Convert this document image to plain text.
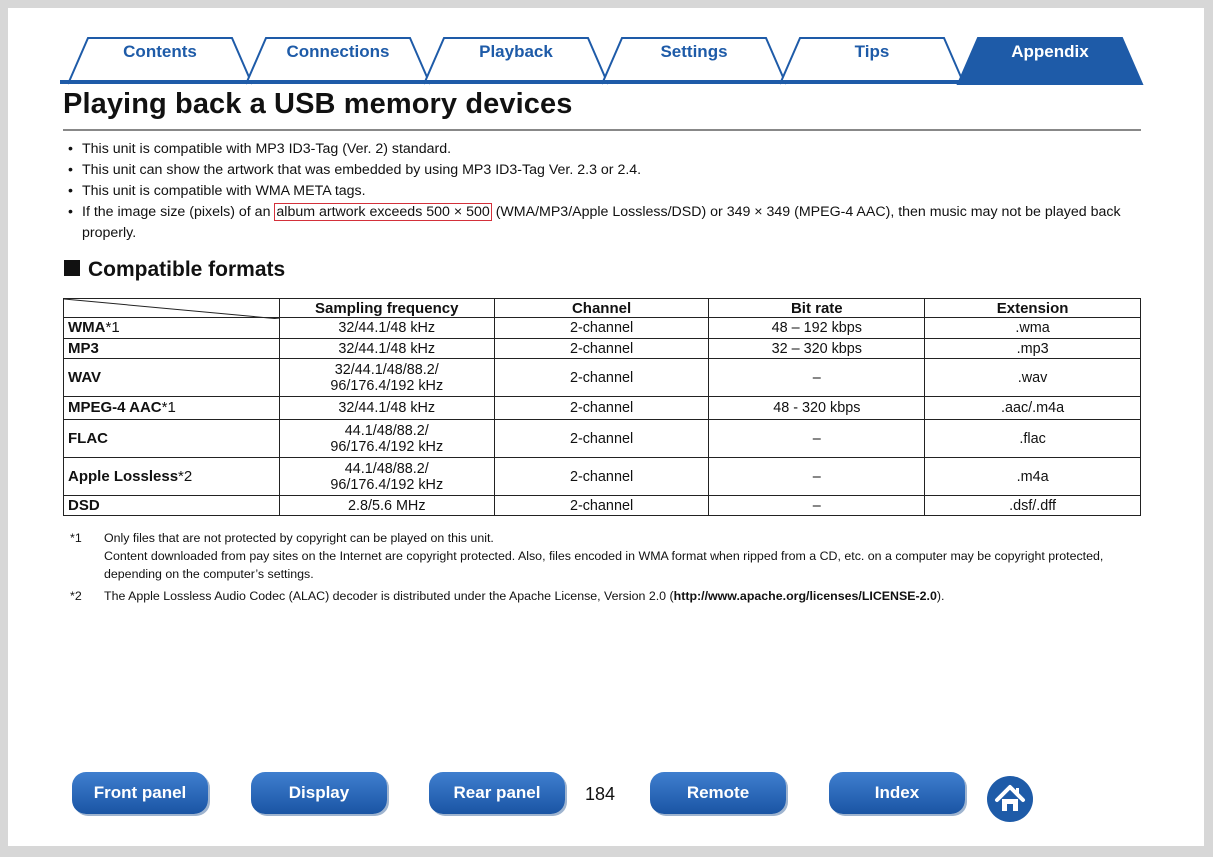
Contents	Connections	Playback	Settings	Tips	Appendix
Playing back a USB memory devices
• This unit is compatible with MP3 ID3-Tag (Ver. 2) standard.
• This unit can show the artwork that was embedded by using MP3 ID3-Tag Ver. 2.3 or 2.4.
• This unit is compatible with WMA META tags.
• If the image size (pixels) of an album artwork exceeds 500 × 500 (WMA/MP3/Apple Lossless/DSD) or 349 × 349 (MPEG-4 AAC), then music may not be played back properly.
Compatible formats
	Sampling frequency	Channel	Bit rate	Extension
WMA*1	32/44.1/48 kHz	2-channel	48 – 192 kbps	.wma
MP3	32/44.1/48 kHz	2-channel	32 – 320 kbps	.mp3
WAV	32/44.1/48/88.2/
96/176.4/192 kHz	2-channel	–	.wav
MPEG-4 AAC*1	32/44.1/48 kHz	2-channel	48 - 320 kbps	.aac/.m4a
FLAC	44.1/48/88.2/
96/176.4/192 kHz	2-channel	–	.flac
Apple Lossless*2	44.1/48/88.2/
96/176.4/192 kHz	2-channel	–	.m4a
DSD	2.8/5.6 MHz	2-channel	–	.dsf/.dff
*1 Only files that are not protected by copyright can be played on this unit.
Content downloaded from pay sites on the Internet are copyright protected. Also, files encoded in WMA format when ripped from a CD, etc. on a computer may be copyright protected, depending on the computer’s settings.
*2 The Apple Lossless Audio Codec (ALAC) decoder is distributed under the Apache License, Version 2.0 (http://www.apache.org/licenses/LICENSE-2.0).
Front panel	Display	Rear panel	184	Remote	Index
